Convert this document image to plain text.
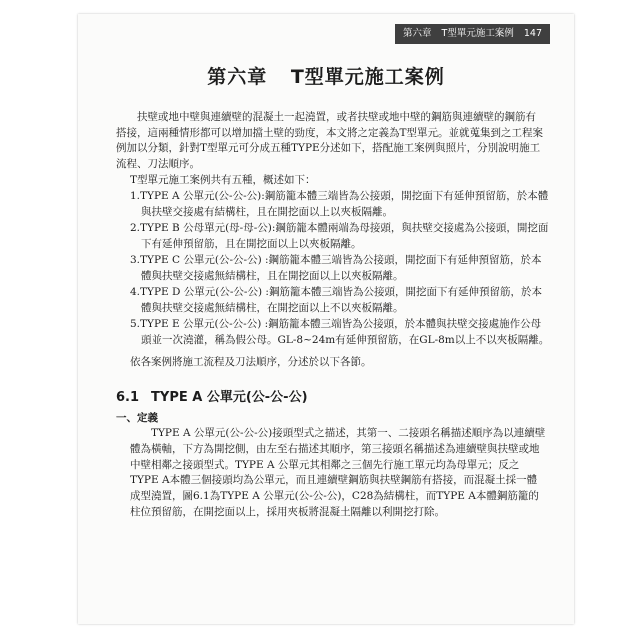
第六章 T型單元施工案例 147
第六章 T型單元施工案例

扶壁或地中壁與連續壁的混凝土一起澆置，或者扶壁或地中壁的鋼筋與連續壁的鋼筋有搭接，這兩種情形都可以增加擋土壁的勁度，本文將之定義為T型單元。並就蒐集到之工程案例加以分類，針對T型單元可分成五種TYPE分述如下，搭配施工案例與照片，分別說明施工流程、刀法順序。

T型單元施工案例共有五種，概述如下：
1.TYPE A 公單元(公-公-公):鋼筋籠本體三端皆為公接頭，開挖面下有延伸預留筋，於本體與扶壁交接處有結構柱，且在開挖面以上以夾板隔離。
2.TYPE B 公母單元(母-母-公):鋼筋籠本體兩端為母接頭，與扶壁交接處為公接頭，開挖面下有延伸預留筋，且在開挖面以上以夾板隔離。
3.TYPE C 公單元(公-公-公) :鋼筋籠本體三端皆為公接頭，開挖面下有延伸預留筋，於本體與扶壁交接處無結構柱，且在開挖面以上以夾板隔離。
4.TYPE D 公單元(公-公-公) :鋼筋籠本體三端皆為公接頭，開挖面下有延伸預留筋，於本體與扶壁交接處無結構柱，在開挖面以上不以夾板隔離。
5.TYPE E 公單元(公-公-公) :鋼筋籠本體三端皆為公接頭，於本體與扶壁交接處施作公母頭並一次澆灌，稱為假公母。GL-8~24m有延伸預留筋，在GL-8m以上不以夾板隔離。
依各案例將施工流程及刀法順序，分述於以下各節。
6.1 TYPE A 公單元(公-公-公)
一、定義

TYPE A 公單元(公-公-公)接頭型式之描述，其第一、二接頭名稱描述順序為以連續壁體為橫軸，下方為開挖側，由左至右描述其順序，第三接頭名稱描述為連續壁與扶壁或地中壁相鄰之接頭型式。TYPE A 公單元其相鄰之三個先行施工單元均為母單元；反之TYPE A本體三個接頭均為公單元，而且連續壁鋼筋與扶壁鋼筋有搭接，而混凝土採一體成型澆置，圖6.1為TYPE A 公單元(公-公-公)，C28為結構柱，而TYPE A本體鋼筋籠的柱位預留筋，在開挖面以上，採用夾板將混凝土隔離以利開挖打除。
